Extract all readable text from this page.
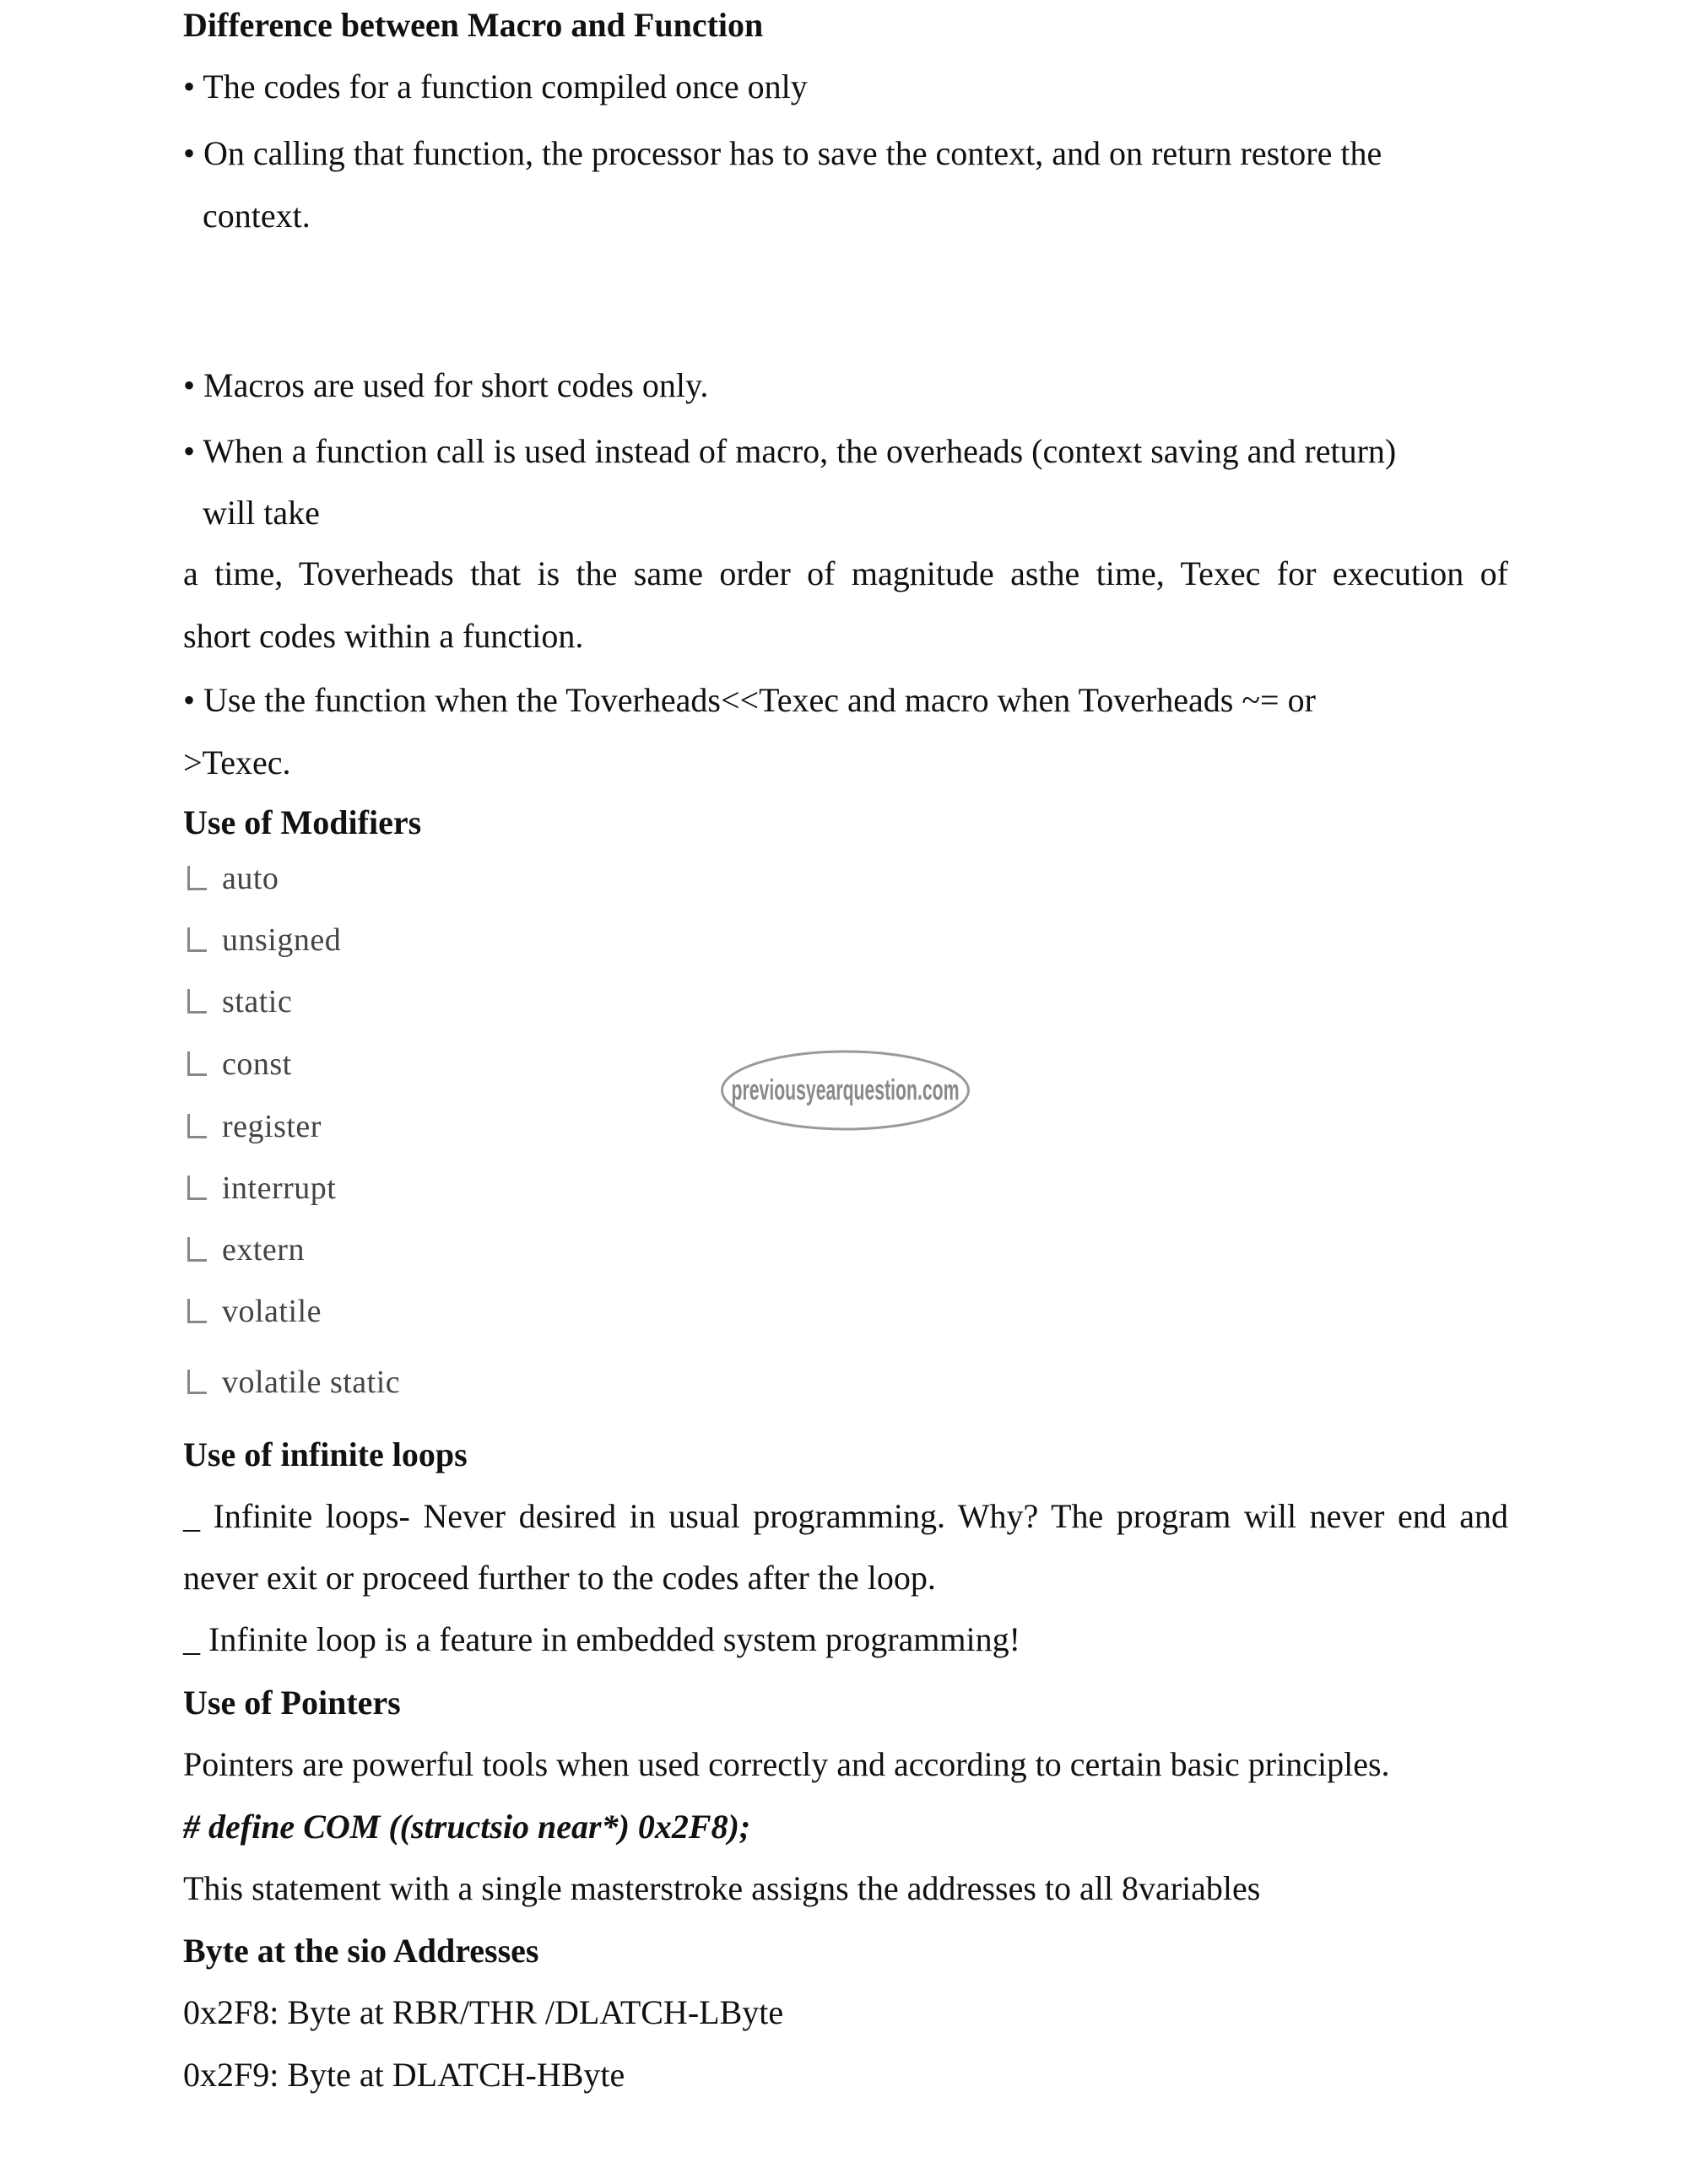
Difference between Macro and Function
• The codes for a function compiled once only
• On calling that function, the processor has to save the context, and on return restore the
context.
• Macros are used for short codes only.
• When a function call is used instead of macro, the overheads (context saving and return)
will take
a time, Toverheads that is the same order of magnitude asthe time, Texec for execution of
short codes within a function.
• Use the function when the Toverheads<<Texec and macro when Toverheads ~= or
>Texec.
Use of Modifiers
auto
unsigned
static
const
register
interrupt
extern
volatile
volatile static
previousyearquestion.com
Use of infinite loops
_ Infinite loops- Never desired in usual programming. Why? The program will never end and
never exit or proceed further to the codes after the loop.
_ Infinite loop is a feature in embedded system programming!
Use of Pointers
Pointers are powerful tools when used correctly and according to certain basic principles.
# define COM ((structsio near*) 0x2F8);
This statement with a single masterstroke assigns the addresses to all 8variables
Byte at the sio Addresses
0x2F8: Byte at RBR/THR /DLATCH-LByte
0x2F9: Byte at DLATCH-HByte
